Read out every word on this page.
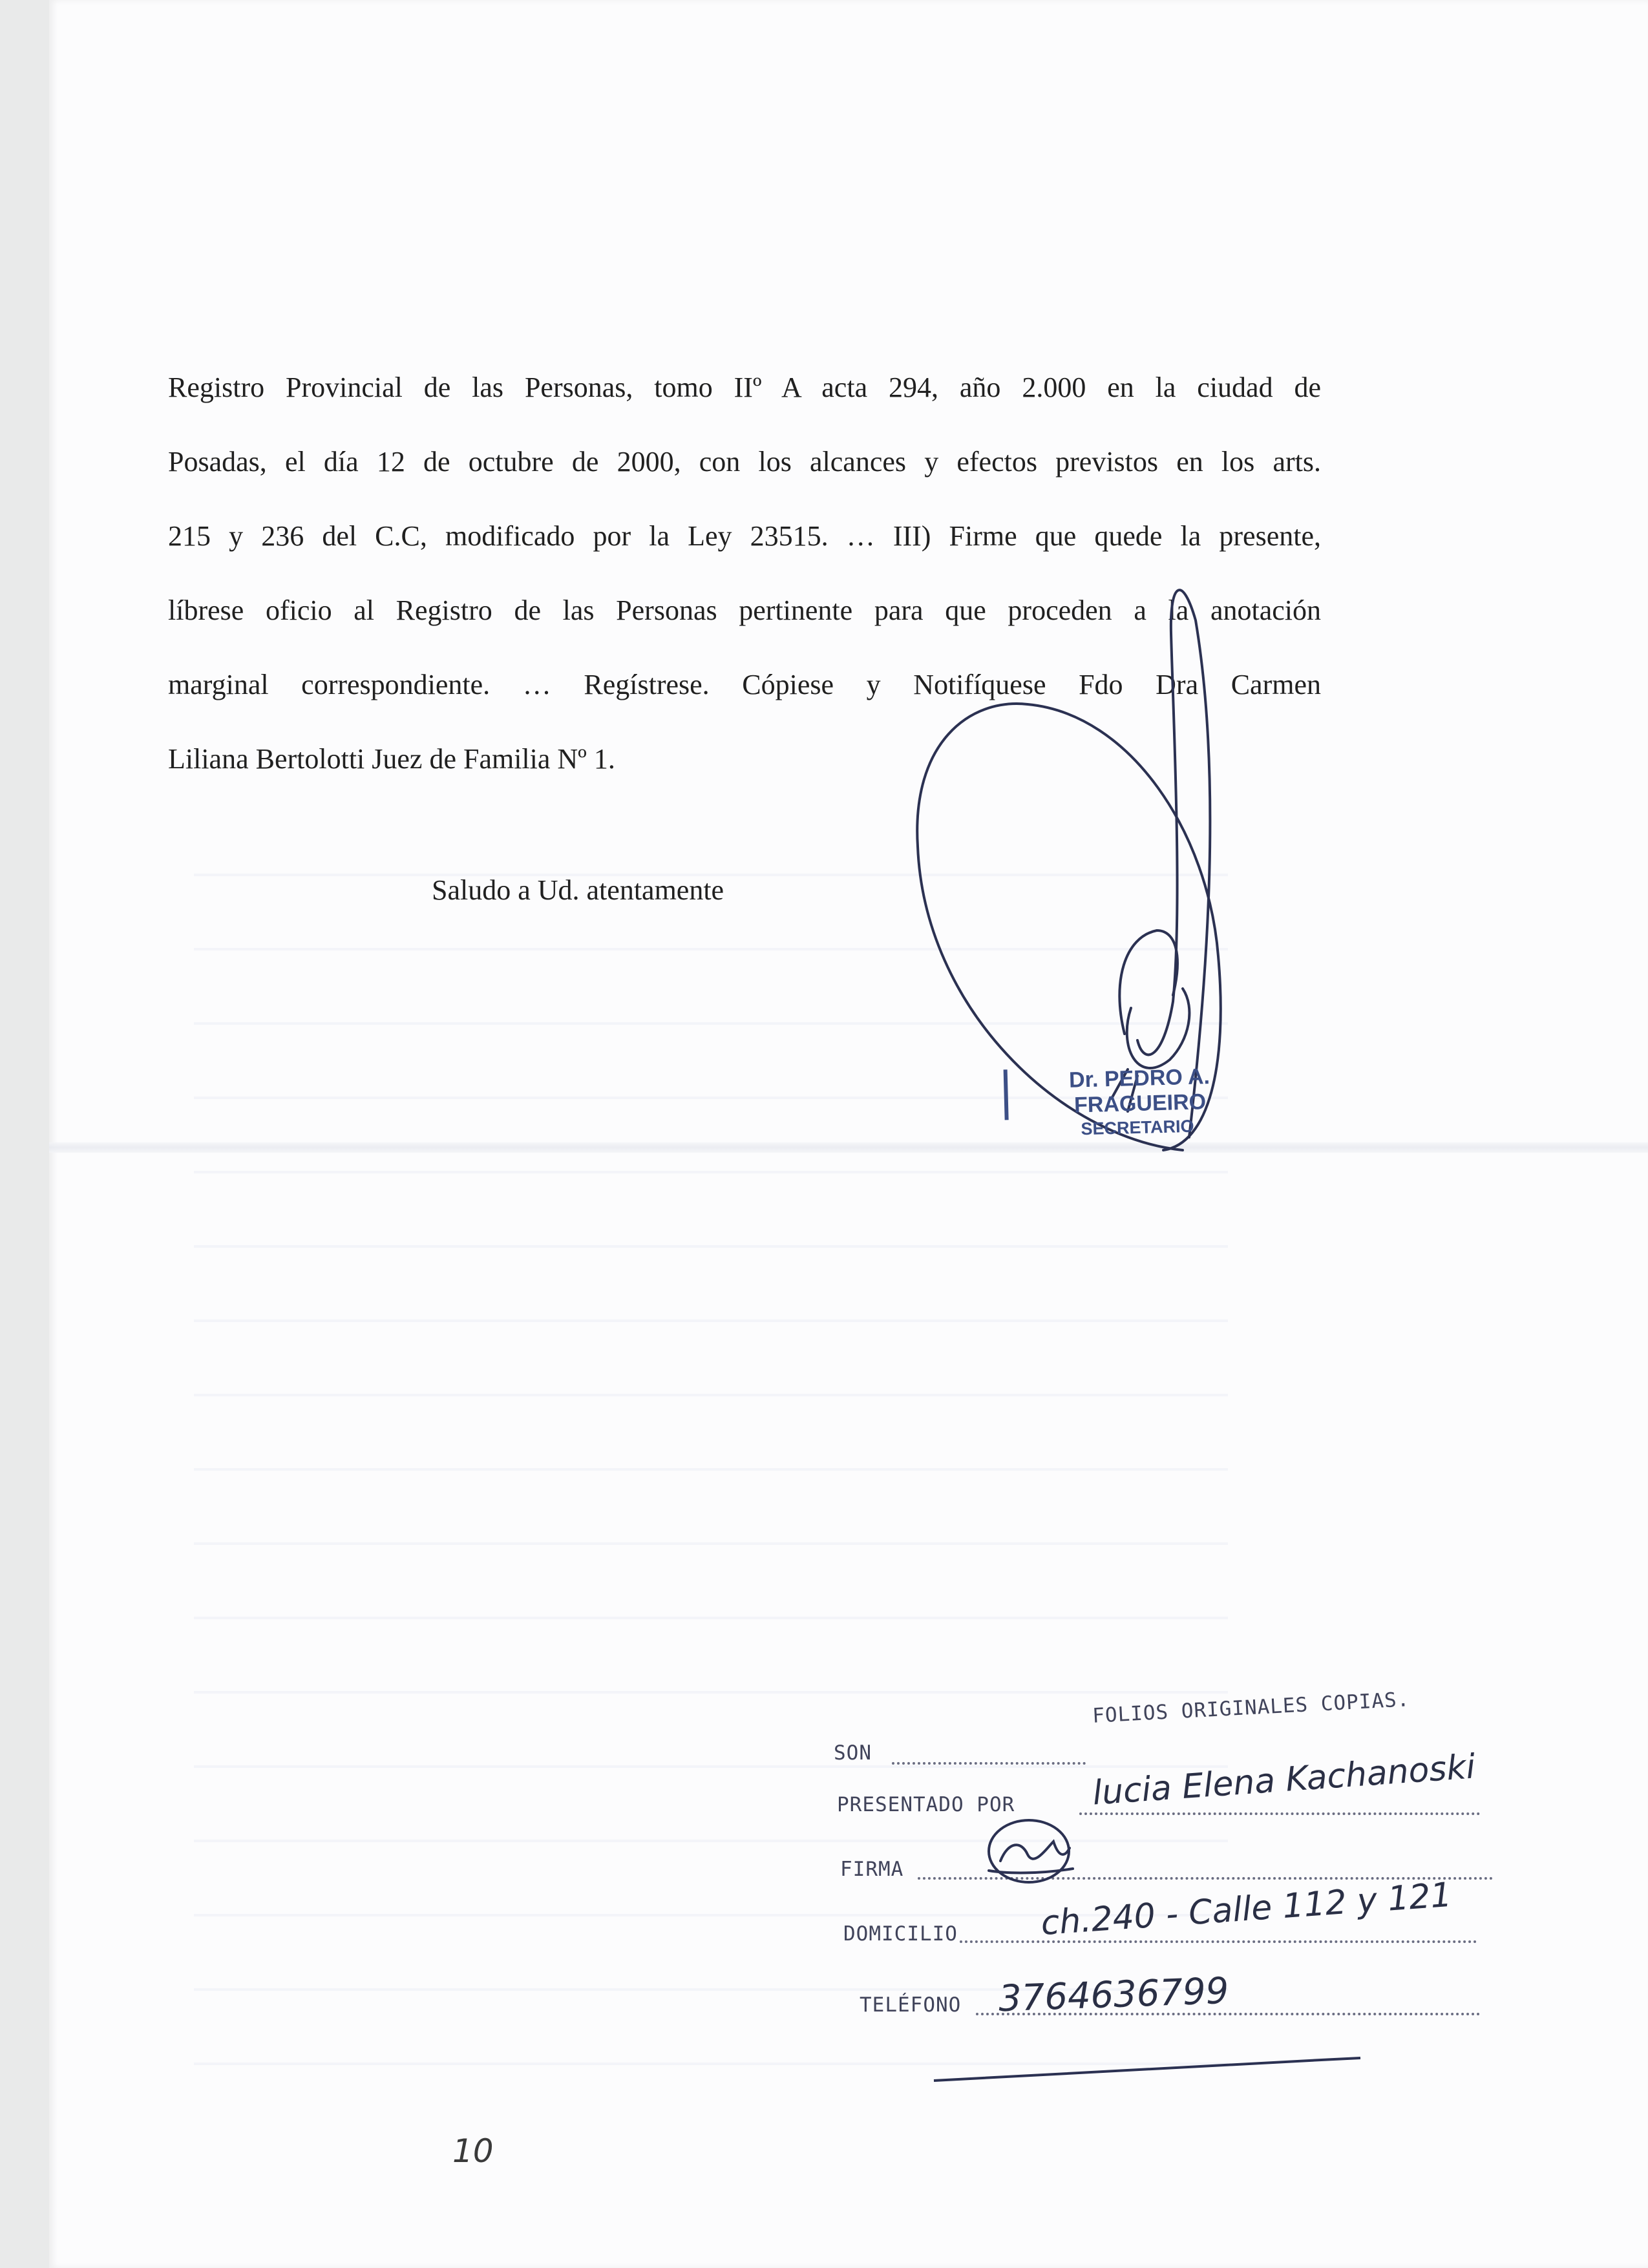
Registro Provincial de las Personas, tomo IIº A acta 294, año 2.000 en la ciudad de
Posadas, el día 12 de octubre de 2000, con los alcances y efectos previstos en los arts.
215 y 236 del C.C, modificado por la Ley 23515. … III) Firme que quede la presente,
líbrese oficio al Registro de las Personas pertinente para que proceden a la anotación
marginal correspondiente. … Regístrese. Cópiese y Notifíquese Fdo Dra Carmen
Liliana Bertolotti Juez de Familia Nº 1.
Saludo a Ud. atentamente
Dr. PEDRO A. FRAGUEIRO
SECRETARIO
SON
FOLIOS ORIGINALES COPIAS.
PRESENTADO POR lucia Elena Kachanoski
FIRMA
DOMICILIO ch.240 - Calle 112 y 121
TELÉFONO 3764636799
10
